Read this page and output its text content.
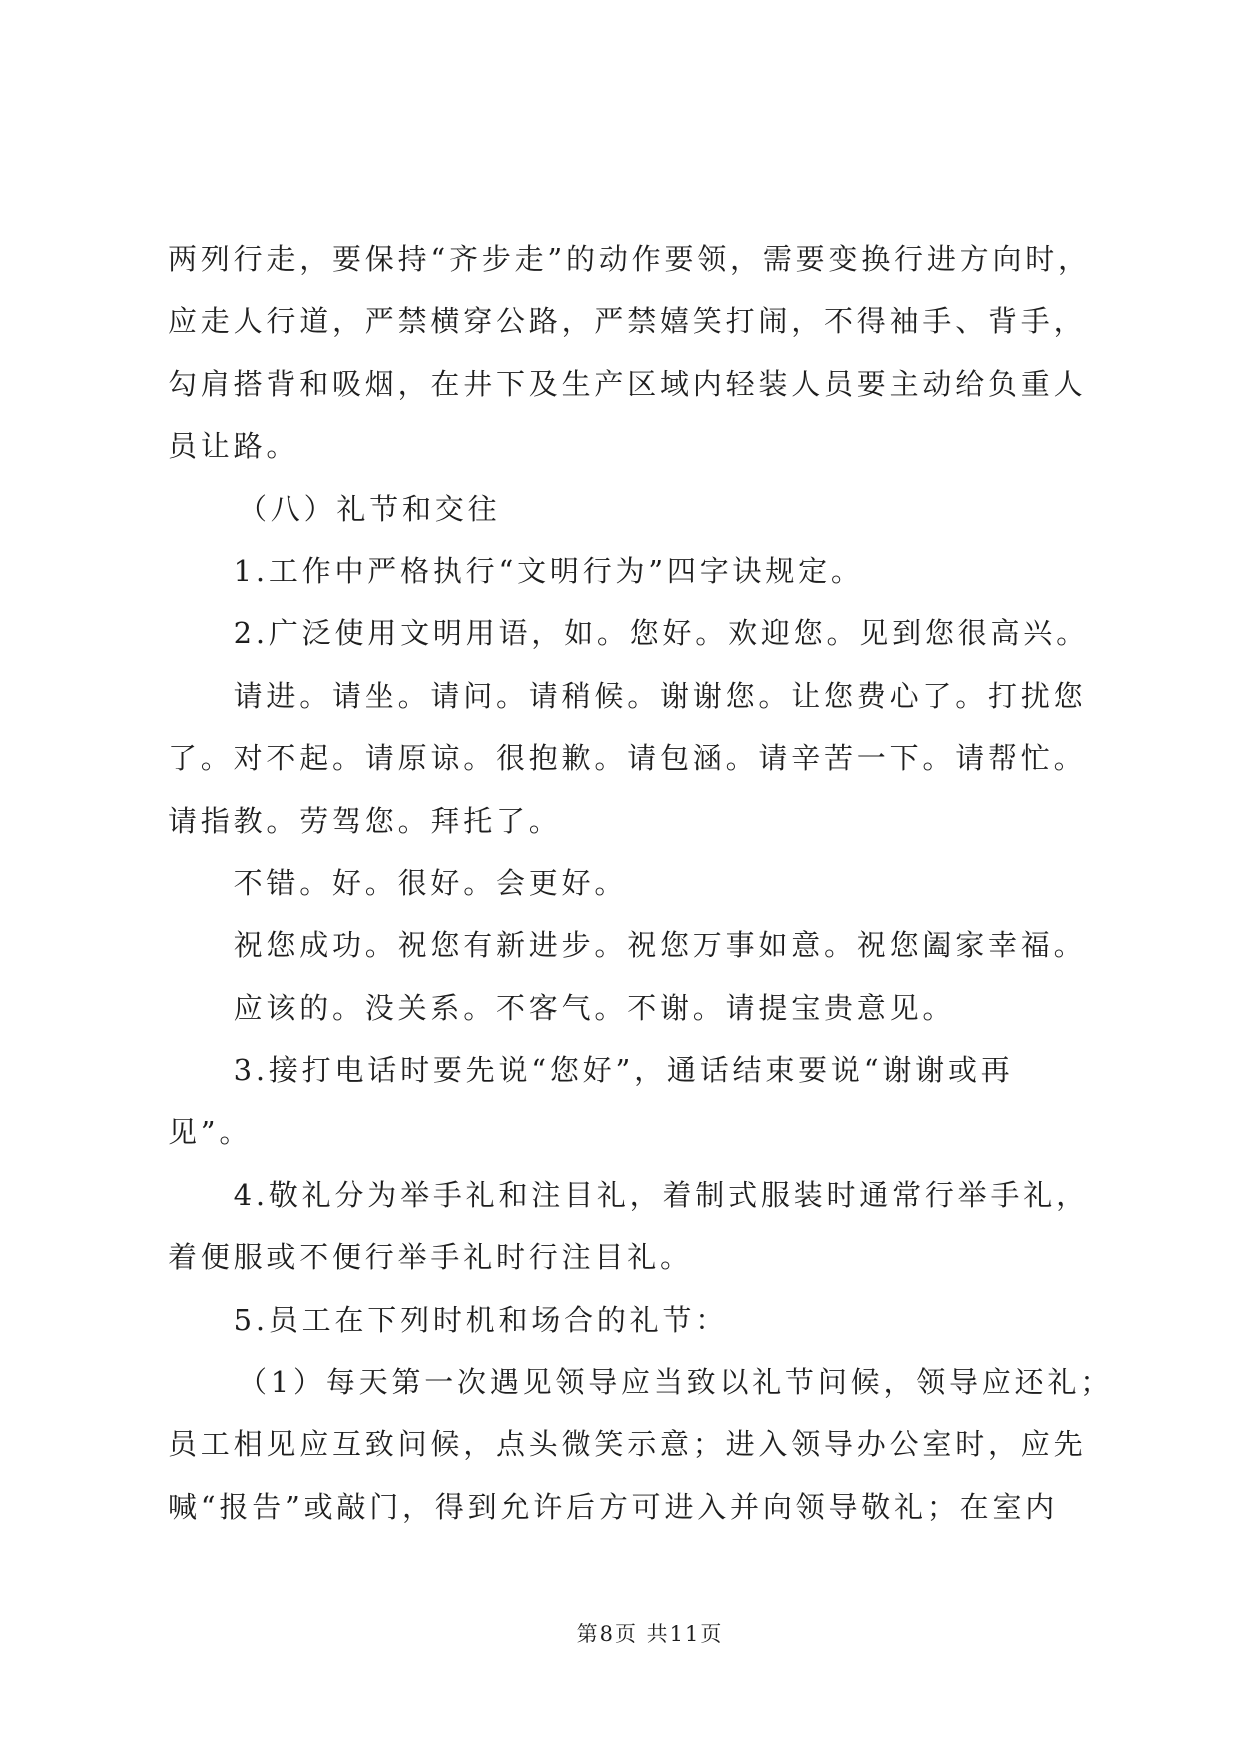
两列行走，要保持“齐步走”的动作要领，需要变换行进方向时，
应走人行道，严禁横穿公路，严禁嬉笑打闹，不得袖手、背手，
勾肩搭背和吸烟，在井下及生产区域内轻装人员要主动给负重人
员让路。
（八）礼节和交往
1.工作中严格执行“文明行为”四字诀规定。
2.广泛使用文明用语，如。您好。欢迎您。见到您很高兴。
请进。请坐。请问。请稍候。谢谢您。让您费心了。打扰您
了。对不起。请原谅。很抱歉。请包涵。请辛苦一下。请帮忙。
请指教。劳驾您。拜托了。
不错。好。很好。会更好。
祝您成功。祝您有新进步。祝您万事如意。祝您阖家幸福。
应该的。没关系。不客气。不谢。请提宝贵意见。
3.接打电话时要先说“您好”，通话结束要说“谢谢或再
见”。
4.敬礼分为举手礼和注目礼，着制式服装时通常行举手礼，
着便服或不便行举手礼时行注目礼。
5.员工在下列时机和场合的礼节：
（1）每天第一次遇见领导应当致以礼节问候，领导应还礼；
员工相见应互致问候，点头微笑示意；进入领导办公室时，应先
喊“报告”或敲门，得到允许后方可进入并向领导敬礼；在室内
第8页 共11页
